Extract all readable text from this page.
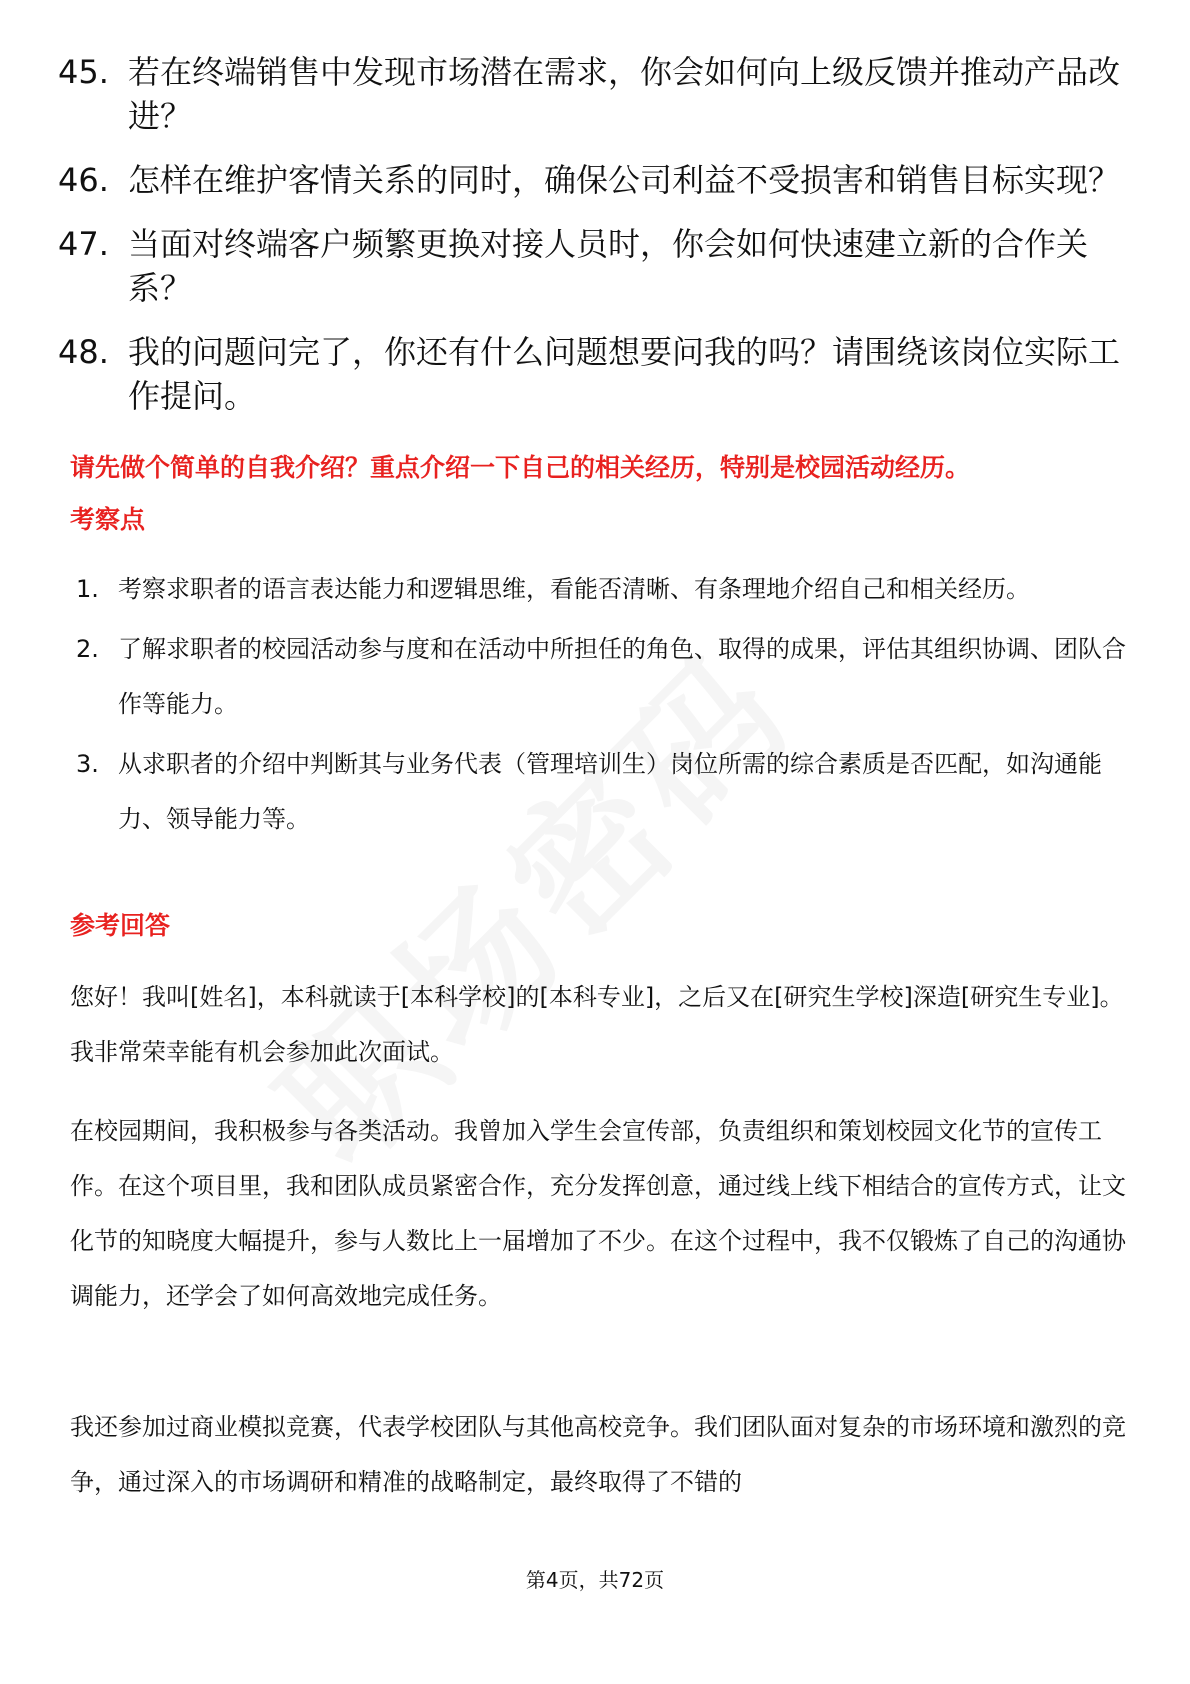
45. 若在终端销售中发现市场潜在需求，你会如何向上级反馈并推动产品改进？
46. 怎样在维护客情关系的同时，确保公司利益不受损害和销售目标实现？
47. 当面对终端客户频繁更换对接人员时，你会如何快速建立新的合作关系？
48. 我的问题问完了，你还有什么问题想要问我的吗？请围绕该岗位实际工作提问。
请先做个简单的自我介绍？重点介绍一下自己的相关经历，特别是校园活动经历。
考察点
1. 考察求职者的语言表达能力和逻辑思维，看能否清晰、有条理地介绍自己和相关经历。
2. 了解求职者的校园活动参与度和在活动中所担任的角色、取得的成果，评估其组织协调、团队合作等能力。
3. 从求职者的介绍中判断其与业务代表（管理培训生）岗位所需的综合素质是否匹配，如沟通能力、领导能力等。
参考回答
您好！我叫[姓名]，本科就读于[本科学校]的[本科专业]，之后又在[研究生学校]深造[研究生专业]。我非常荣幸能有机会参加此次面试。
在校园期间，我积极参与各类活动。我曾加入学生会宣传部，负责组织和策划校园文化节的宣传工作。在这个项目里，我和团队成员紧密合作，充分发挥创意，通过线上线下相结合的宣传方式，让文化节的知晓度大幅提升，参与人数比上一届增加了不少。在这个过程中，我不仅锻炼了自己的沟通协调能力，还学会了如何高效地完成任务。
我还参加过商业模拟竞赛，代表学校团队与其他高校竞争。我们团队面对复杂的市场环境和激烈的竞争，通过深入的市场调研和精准的战略制定，最终取得了不错的
第4页，共72页
